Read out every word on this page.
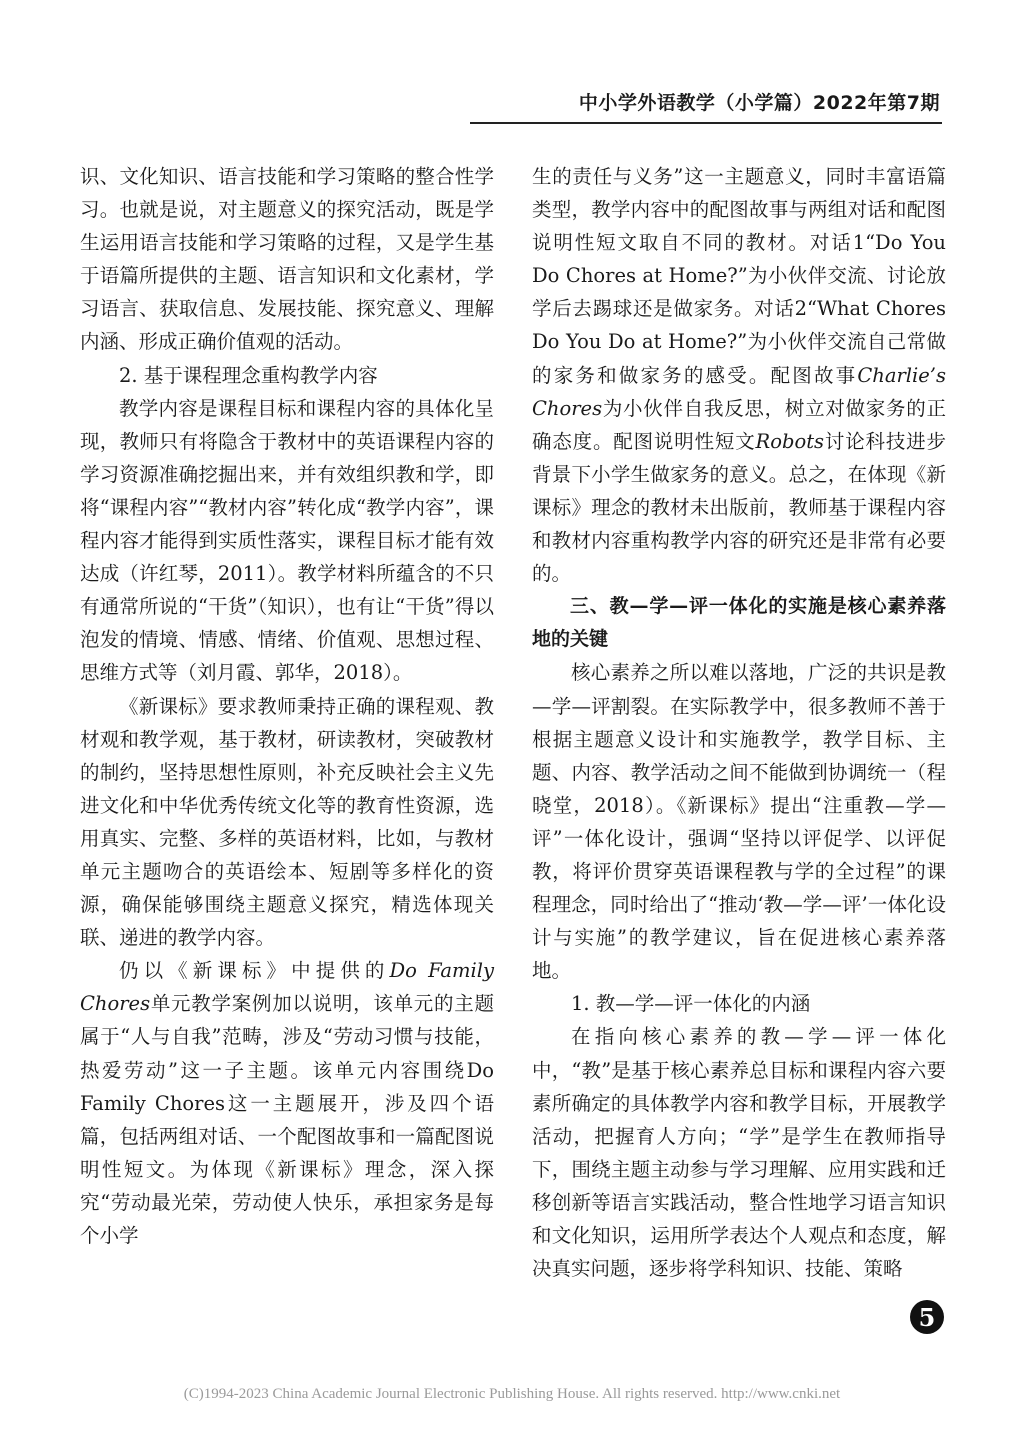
中小学外语教学（小学篇）2022年第7期

识、文化知识、语言技能和学习策略的整合性学习。也就是说，对主题意义的探究活动，既是学生运用语言技能和学习策略的过程，又是学生基于语篇所提供的主题、语言知识和文化素材，学习语言、获取信息、发展技能、探究意义、理解内涵、形成正确价值观的活动。

2. 基于课程理念重构教学内容

教学内容是课程目标和课程内容的具体化呈现，教师只有将隐含于教材中的英语课程内容的学习资源准确挖掘出来，并有效组织教和学，即将“课程内容”“教材内容”转化成“教学内容”，课程内容才能得到实质性落实，课程目标才能有效达成（许红琴，2011）。教学材料所蕴含的不只有通常所说的“干货”（知识），也有让“干货”得以泡发的情境、情感、情绪、价值观、思想过程、思维方式等（刘月霞、郭华，2018）。

《新课标》要求教师秉持正确的课程观、教材观和教学观，基于教材，研读教材，突破教材的制约，坚持思想性原则，补充反映社会主义先进文化和中华优秀传统文化等的教育性资源，选用真实、完整、多样的英语材料，比如，与教材单元主题吻合的英语绘本、短剧等多样化的资源，确保能够围绕主题意义探究，精选体现关联、递进的教学内容。

仍以《新课标》中提供的Do Family Chores单元教学案例加以说明，该单元的主题属于“人与自我”范畴，涉及“劳动习惯与技能，热爱劳动”这一子主题。该单元内容围绕Do Family Chores这一主题展开，涉及四个语篇，包括两组对话、一个配图故事和一篇配图说明性短文。为体现《新课标》理念，深入探究“劳动最光荣，劳动使人快乐，承担家务是每个小学

生的责任与义务”这一主题意义，同时丰富语篇类型，教学内容中的配图故事与两组对话和配图说明性短文取自不同的教材。对话1“Do You Do Chores at Home?”为小伙伴交流、讨论放学后去踢球还是做家务。对话2“What Chores Do You Do at Home?”为小伙伴交流自己常做的家务和做家务的感受。配图故事Charlie’s Chores为小伙伴自我反思，树立对做家务的正确态度。配图说明性短文Robots讨论科技进步背景下小学生做家务的意义。总之，在体现《新课标》理念的教材未出版前，教师基于课程内容和教材内容重构教学内容的研究还是非常有必要的。

三、教—学—评一体化的实施是核心素养落地的关键

核心素养之所以难以落地，广泛的共识是教—学—评割裂。在实际教学中，很多教师不善于根据主题意义设计和实施教学，教学目标、主题、内容、教学活动之间不能做到协调统一（程晓堂，2018）。《新课标》提出“注重教—学—评”一体化设计，强调“坚持以评促学、以评促教，将评价贯穿英语课程教与学的全过程”的课程理念，同时给出了“推动‘教—学—评’一体化设计与实施”的教学建议，旨在促进核心素养落地。

1. 教—学—评一体化的内涵

在指向核心素养的教—学—评一体化中，“教”是基于核心素养总目标和课程内容六要素所确定的具体教学内容和教学目标，开展教学活动，把握育人方向；“学”是学生在教师指导下，围绕主题主动参与学习理解、应用实践和迁移创新等语言实践活动，整合性地学习语言知识和文化知识，运用所学表达个人观点和态度，解决真实问题，逐步将学科知识、技能、策略

5
(C)1994-2023 China Academic Journal Electronic Publishing House. All rights reserved. http://www.cnki.net
